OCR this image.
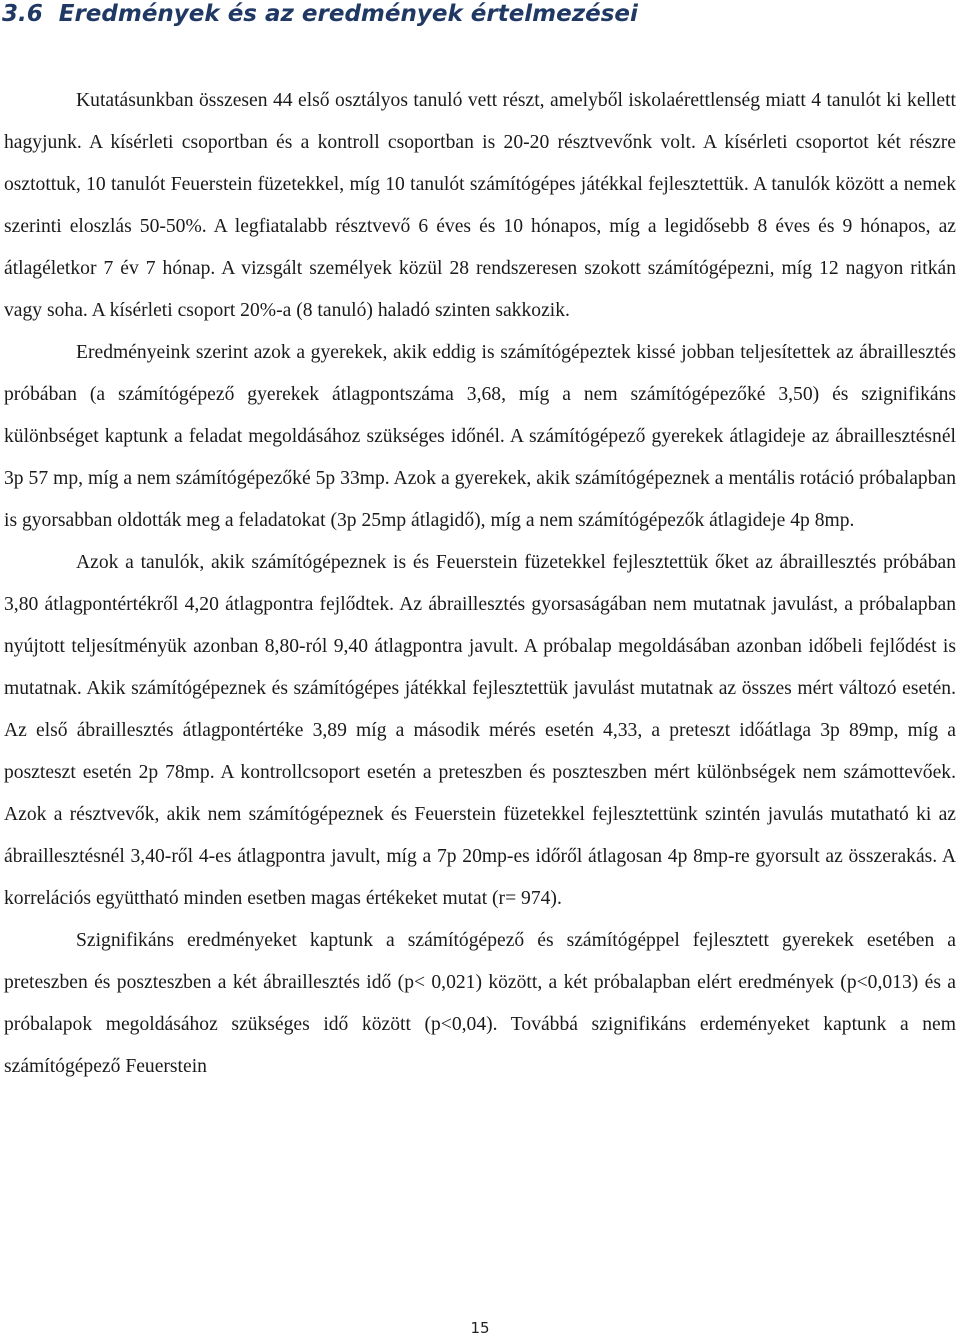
3.6 Eredmények és az eredmények értelmezései

Kutatásunkban összesen 44 első osztályos tanuló vett részt, amelyből iskolaérettlenség miatt 4 tanulót ki kellett hagyjunk. A kísérleti csoportban és a kontroll csoportban is 20-20 résztvevőnk volt. A kísérleti csoportot két részre osztottuk, 10 tanulót Feuerstein füzetekkel, míg 10 tanulót számítógépes játékkal fejlesztettük. A tanulók között a nemek szerinti eloszlás 50-50%. A legfiatalabb résztvevő 6 éves és 10 hónapos, míg a legidősebb 8 éves és 9 hónapos, az átlagéletkor 7 év 7 hónap. A vizsgált személyek közül 28 rendszeresen szokott számítógépezni, míg 12 nagyon ritkán vagy soha. A kísérleti csoport 20%-a (8 tanuló) haladó szinten sakkozik.

Eredményeink szerint azok a gyerekek, akik eddig is számítógépeztek kissé jobban teljesítettek az ábraillesztés próbában (a számítógépező gyerekek átlagpontszáma 3,68, míg a nem számítógépezőké 3,50) és szignifikáns különbséget kaptunk a feladat megoldásához szükséges időnél. A számítógépező gyerekek átlagideje az ábraillesztésnél 3p 57 mp, míg a nem számítógépezőké 5p 33mp. Azok a gyerekek, akik számítógépeznek a mentális rotáció próbalapban is gyorsabban oldották meg a feladatokat (3p 25mp átlagidő), míg a nem számítógépezők átlagideje 4p 8mp.

Azok a tanulók, akik számítógépeznek is és Feuerstein füzetekkel fejlesztettük őket az ábraillesztés próbában 3,80 átlagpontértékről 4,20 átlagpontra fejlődtek. Az ábraillesztés gyorsaságában nem mutatnak javulást, a próbalapban nyújtott teljesítményük azonban 8,80-ról 9,40 átlagpontra javult. A próbalap megoldásában azonban időbeli fejlődést is mutatnak. Akik számítógépeznek és számítógépes játékkal fejlesztettük javulást mutatnak az összes mért változó esetén. Az első ábraillesztés átlagpontértéke 3,89 míg a második mérés esetén 4,33, a preteszt időátlaga 3p 89mp, míg a poszteszt esetén 2p 78mp. A kontrollcsoport esetén a preteszben és poszteszben mért különbségek nem számottevőek. Azok a résztvevők, akik nem számítógépeznek és Feuerstein füzetekkel fejlesztettünk szintén javulás mutatható ki az ábraillesztésnél 3,40-ről 4-es átlagpontra javult, míg a 7p 20mp-es időről átlagosan 4p 8mp-re gyorsult az összerakás. A korrelációs együttható minden esetben magas értékeket mutat (r= 974).

Szignifikáns eredményeket kaptunk a számítógépező és számítógéppel fejlesztett gyerekek esetében a preteszben és poszteszben a két ábraillesztés idő (p< 0,021) között, a két próbalapban elért eredmények (p<0,013) és a próbalapok megoldásához szükséges idő között (p<0,04). Továbbá szignifikáns erdeményeket kaptunk a nem számítógépező Feuerstein

15
